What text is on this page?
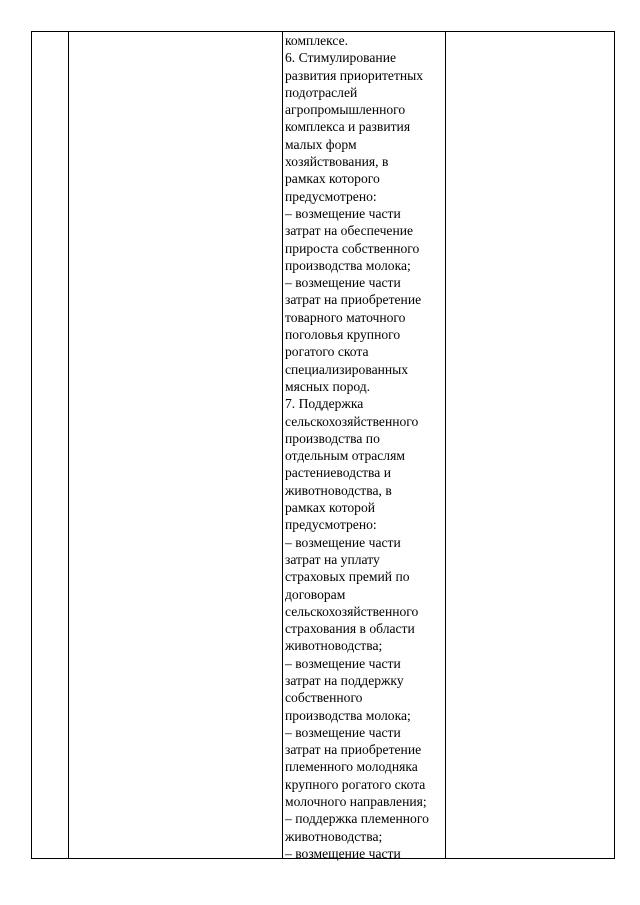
комплексе.
6. Стимулирование
развития приоритетных
подотраслей
агропромышленного
комплекса и развития
малых форм
хозяйствования, в
рамках которого
предусмотрено:
– возмещение части
затрат на обеспечение
прироста собственного
производства молока;
– возмещение части
затрат на приобретение
товарного маточного
поголовья крупного
рогатого скота
специализированных
мясных пород.
7. Поддержка
сельскохозяйственного
производства по
отдельным отраслям
растениеводства и
животноводства, в
рамках которой
предусмотрено:
– возмещение части
затрат на уплату
страховых премий по
договорам
сельскохозяйственного
страхования в области
животноводства;
– возмещение части
затрат на поддержку
собственного
производства молока;
– возмещение части
затрат на приобретение
племенного молодняка
крупного рогатого скота
молочного направления;
– поддержка племенного
животноводства;
– возмещение части
